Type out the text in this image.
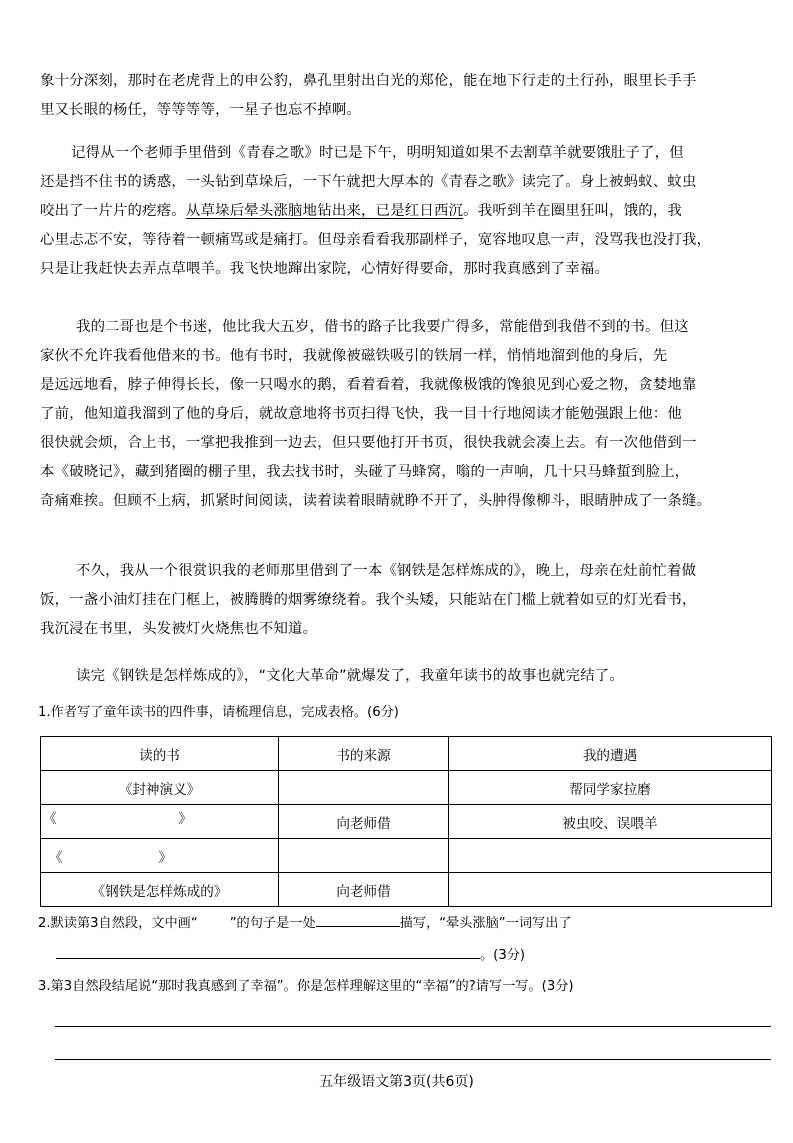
象十分深刻，那时在老虎背上的申公豹，鼻孔里射出白光的郑伦，能在地下行走的土行孙，眼里长手手
里又长眼的杨任，等等等等，一星子也忘不掉啊。
记得从一个老师手里借到《青春之歌》时已是下午，明明知道如果不去割草羊就要饿肚子了，但
还是挡不住书的诱惑，一头钻到草垛后，一下午就把大厚本的《青春之歌》读完了。身上被蚂蚁、蚊虫
咬出了一片片的疙瘩。从草垛后晕头涨脑地钻出来，已是红日西沉。我听到羊在圈里狂叫，饿的，我
心里忐忑不安，等待着一顿痛骂或是痛打。但母亲看看我那副样子，宽容地叹息一声，没骂我也没打我，
只是让我赶快去弄点草喂羊。我飞快地蹿出家院，心情好得要命，那时我真感到了幸福。
我的二哥也是个书迷，他比我大五岁，借书的路子比我要广得多，常能借到我借不到的书。但这
家伙不允许我看他借来的书。他有书时，我就像被磁铁吸引的铁屑一样，悄悄地溜到他的身后，先
是远远地看，脖子伸得长长，像一只喝水的鹅，看着看着，我就像极饿的馋狼见到心爱之物，贪婪地靠
了前，他知道我溜到了他的身后，就故意地将书页扫得飞快，我一目十行地阅读才能勉强跟上他：他
很快就会烦，合上书，一掌把我推到一边去，但只要他打开书页，很快我就会凑上去。有一次他借到一
本《破晓记》，藏到猪圈的棚子里，我去找书时，头碰了马蜂窝，嗡的一声响，几十只马蜂蜇到脸上，
奇痛难挨。但顾不上病，抓紧时间阅读，读着读着眼睛就睁不开了，头肿得像柳斗，眼睛肿成了一条缝。
不久，我从一个很赏识我的老师那里借到了一本《钢铁是怎样炼成的》，晚上，母亲在灶前忙着做
饭，一盏小油灯挂在门框上，被腾腾的烟雾缭绕着。我个头矮，只能站在门槛上就着如豆的灯光看书，
我沉浸在书里，头发被灯火烧焦也不知道。
读完《钢铁是怎样炼成的》，“文化大革命”就爆发了，我童年读书的故事也就完结了。
1.作者写了童年读书的四件事，请梳理信息，完成表格。(6分)
读的书	书的来源	我的遭遇
《封神演义》		帮同学家拉磨

《 》	向老师借	被虫咬、误喂羊

《 》		

《钢铁是怎样炼成的》	向老师借	
2.默读第3自然段，文中画“ ”的句子是一处	描写，“晕头涨脑”一词写出了
。(3分)
3.第3自然段结尾说“那时我真感到了幸福”。你是怎样理解这里的“幸福”的?请写一写。(3分)
五年级语文第3页(共6页)
